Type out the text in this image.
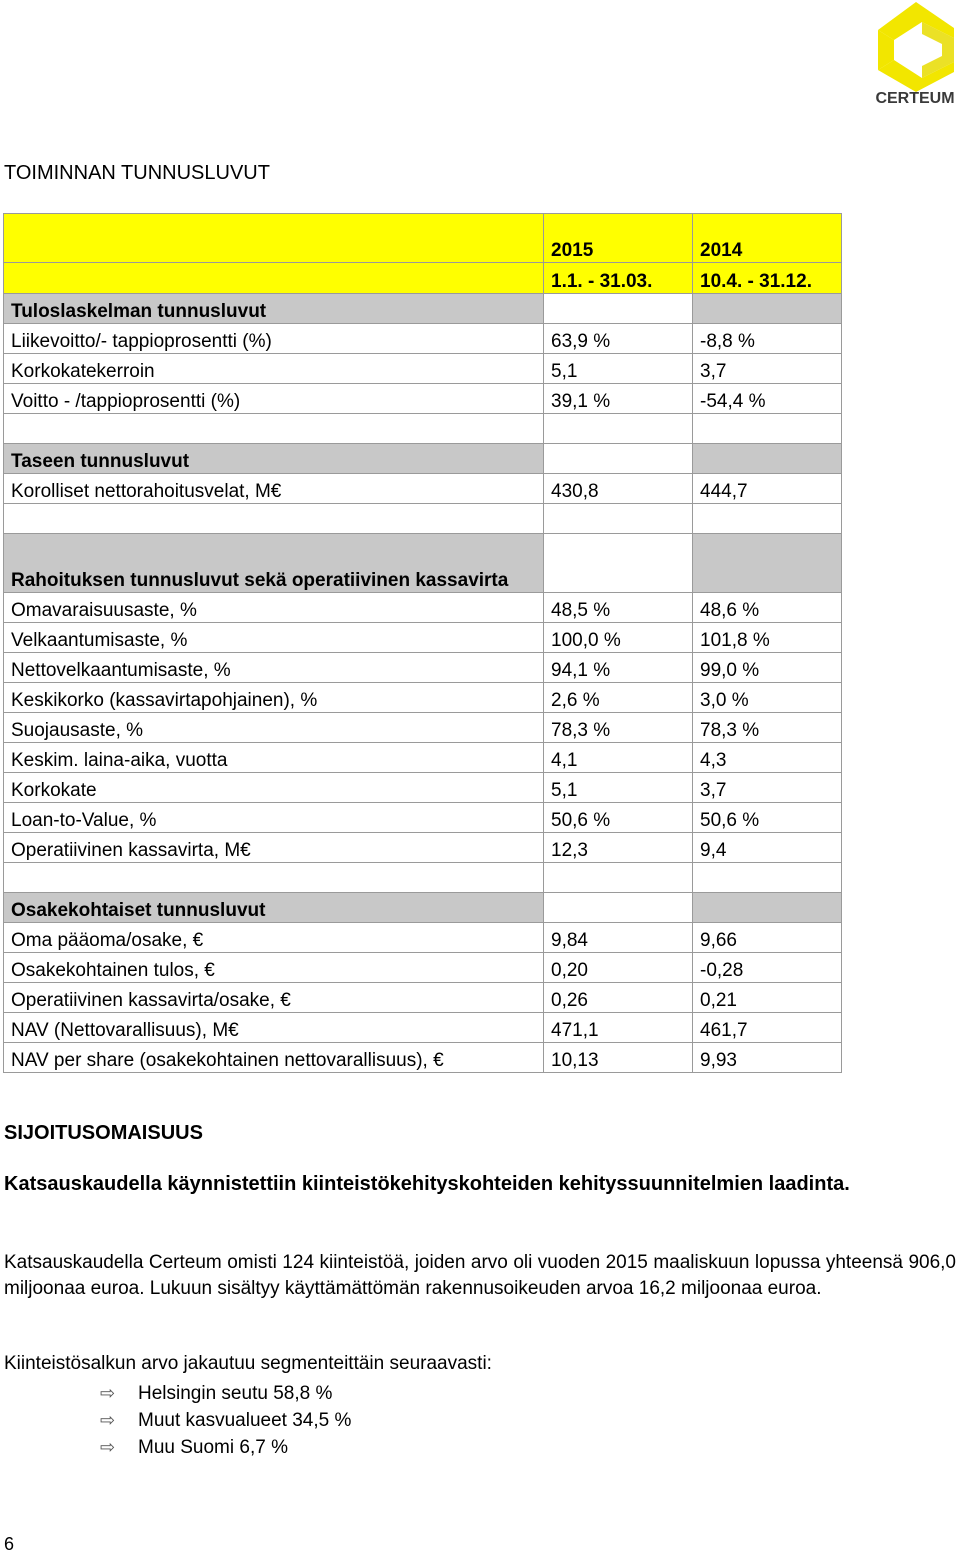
CERTEUM
TOIMINNAN TUNNUSLUVUT
	2015	2014
	1.1. - 31.03.	10.4. - 31.12.
Tuloslaskelman tunnusluvut		
Liikevoitto/- tappioprosentti (%)	63,9 %	-8,8 %
Korkokatekerroin	5,1	3,7
Voitto - /tappioprosentti (%)	39,1 %	-54,4 %

Taseen tunnusluvut		
Korolliset nettorahoitusvelat, M€	430,8	444,7

Rahoituksen tunnusluvut sekä operatiivinen kassavirta		
Omavaraisuusaste, %	48,5 %	48,6 %
Velkaantumisaste, %	100,0 %	101,8 %
Nettovelkaantumisaste, %	94,1 %	99,0 %
Keskikorko (kassavirtapohjainen), %	2,6 %	3,0 %
Suojausaste, %	78,3 %	78,3 %
Keskim. laina-aika, vuotta	4,1	4,3
Korkokate	5,1	3,7
Loan-to-Value, %	50,6 %	50,6 %
Operatiivinen kassavirta, M€	12,3	9,4

Osakekohtaiset tunnusluvut		
Oma pääoma/osake, €	9,84	9,66
Osakekohtainen tulos, €	0,20	-0,28
Operatiivinen kassavirta/osake, €	0,26	0,21
NAV (Nettovarallisuus), M€	471,1	461,7
NAV per share (osakekohtainen nettovarallisuus), €	10,13	9,93
SIJOITUSOMAISUUS
Katsauskaudella käynnistettiin kiinteistökehityskohteiden kehityssuunnitelmien laadinta.
Katsauskaudella Certeum omisti 124 kiinteistöä, joiden arvo oli vuoden 2015 maaliskuun lopussa yhteensä 906,0 miljoonaa euroa. Lukuun sisältyy käyttämättömän rakennusoikeuden arvoa 16,2 miljoonaa euroa.
Kiinteistösalkun arvo jakautuu segmenteittäin seuraavasti:
⇨	Helsingin seutu 58,8 %
⇨	Muut kasvualueet 34,5 %
⇨	Muu Suomi 6,7 %
6
